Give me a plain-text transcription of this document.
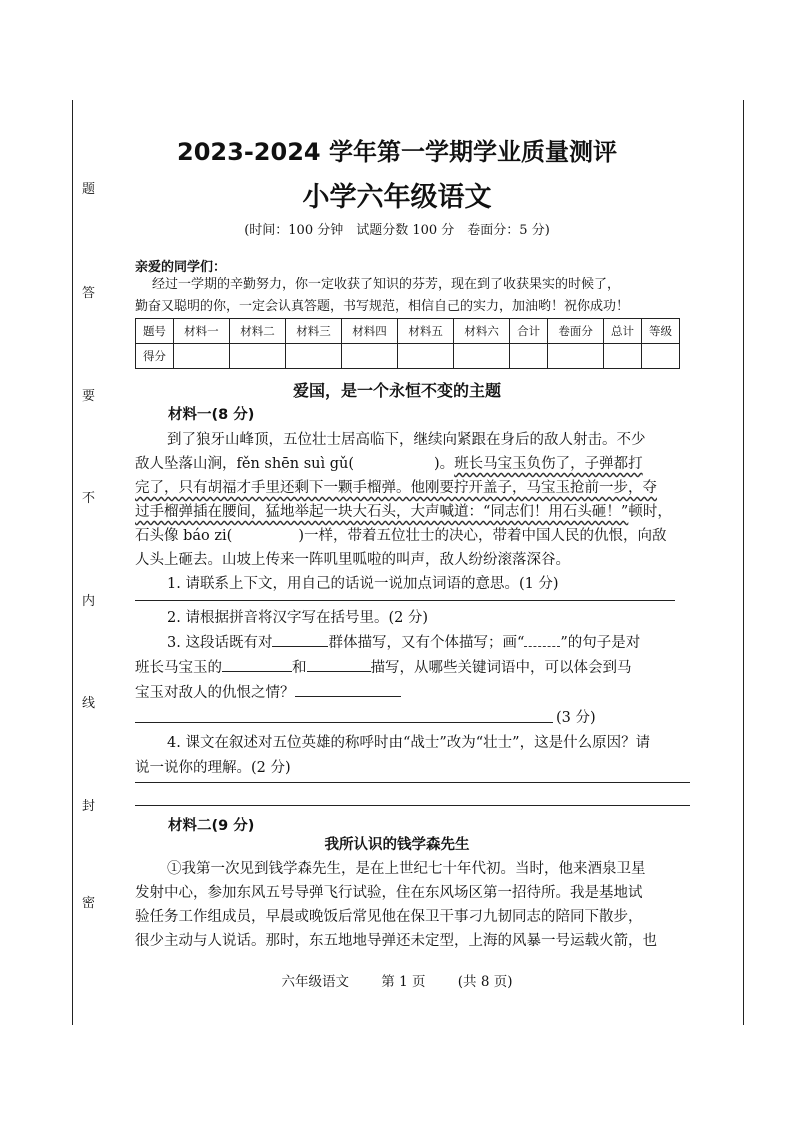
题
答
要
不
内
线
封
密
2023-2024 学年第一学期学业质量测评
小学六年级语文
(时间：100 分钟　试题分数 100 分　卷面分：5 分)
亲爱的同学们：
经过一学期的辛勤努力，你一定收获了知识的芬芳，现在到了收获果实的时候了，
勤奋又聪明的你，一定会认真答题，书写规范，相信自己的实力，加油哟！祝你成功！
题号	材料一	材料二	材料三	材料四	材料五	材料六	合计	卷面分	总计	等级
得分										
爱国，是一个永恒不变的主题
材料一(8 分)
到了狼牙山峰顶，五位壮士居高临下，继续向紧跟在身后的敌人射击。不少
敌人坠落山涧，fěn shēn suì gǔ(	)。班长马宝玉负伤了，子弹都打
完了，只有胡福才手里还剩下一颗手榴弹。他刚要拧开盖子，马宝玉抢前一步，夺
过手榴弹插在腰间，猛地举起一块大石头，大声喊道：“同志们！用石头砸！”顿时，
石头像 báo zi(	)一样，带着五位壮士的决心，带着中国人民的仇恨，向敌
人头上砸去。山坡上传来一阵叽里呱啦的叫声，敌人纷纷滚落深谷。
1. 请联系上下文，用自己的话说一说加点词语的意思。(1 分)
2. 请根据拼音将汉字写在括号里。(2 分)
3. 这段话既有对	群体描写，又有个体描写；画“ ”的句子是对
班长马宝玉的	和	描写，从哪些关键词语中，可以体会到马
宝玉对敌人的仇恨之情？
(3 分)
4. 课文在叙述对五位英雄的称呼时由“战士”改为“壮士”，这是什么原因？请
说一说你的理解。(2 分)
材料二(9 分)
我所认识的钱学森先生
①我第一次见到钱学森先生，是在上世纪七十年代初。当时，他来酒泉卫星
发射中心，参加东风五号导弹飞行试验，住在东风场区第一招待所。我是基地试
验任务工作组成员，早晨或晚饭后常见他在保卫干事刁九韧同志的陪同下散步，
很少主动与人说话。那时，东五地地导弹还未定型，上海的风暴一号运载火箭，也
六年级语文 第 1 页 (共 8 页)
